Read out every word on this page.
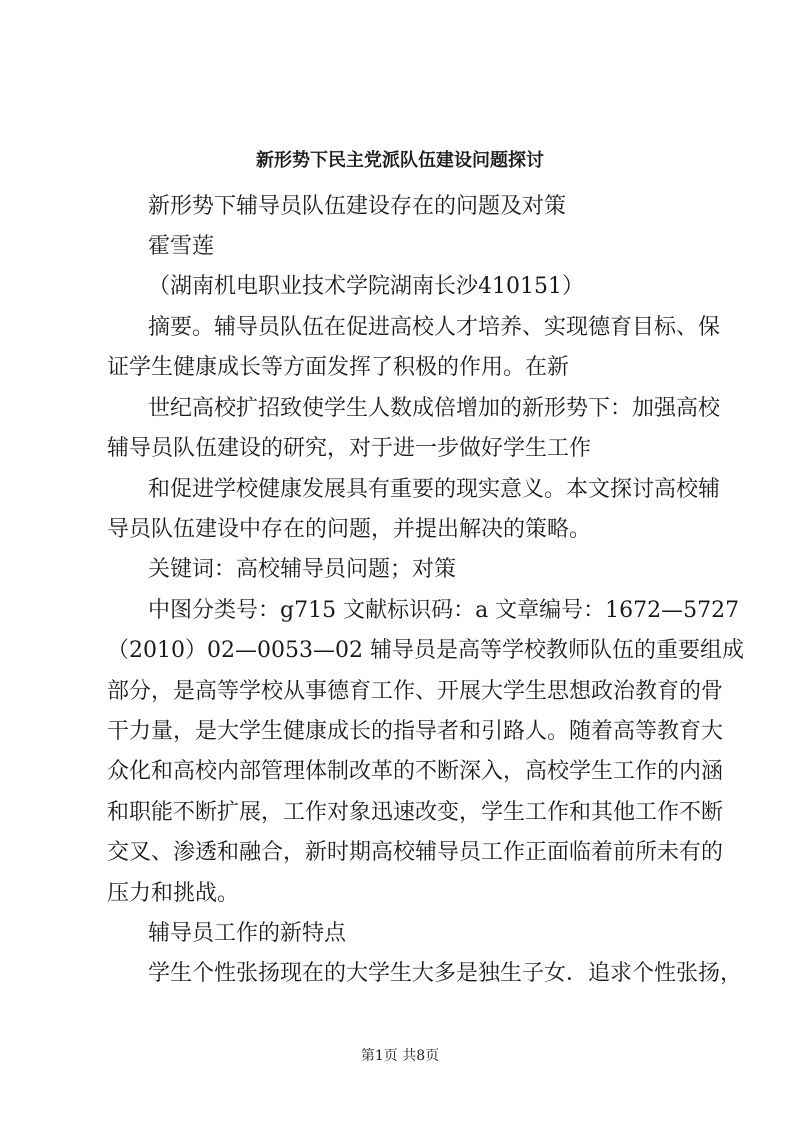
新形势下民主党派队伍建设问题探讨

新形势下辅导员队伍建设存在的问题及对策

霍雪莲

（湖南机电职业技术学院湖南长沙410151）

摘要。辅导员队伍在促进高校人才培养、实现德育目标、保

证学生健康成长等方面发挥了积极的作用。在新

世纪高校扩招致使学生人数成倍增加的新形势下：加强高校

辅导员队伍建设的研究，对于进一步做好学生工作

和促进学校健康发展具有重要的现实意义。本文探讨高校辅

导员队伍建设中存在的问题，并提出解决的策略。

关键词：高校辅导员问题；对策

中图分类号：g715 文献标识码：a 文章编号：1672—5727

（2010）02—0053—02 辅导员是高等学校教师队伍的重要组成

部分，是高等学校从事德育工作、开展大学生思想政治教育的骨

干力量，是大学生健康成长的指导者和引路人。随着高等教育大

众化和高校内部管理体制改革的不断深入，高校学生工作的内涵

和职能不断扩展，工作对象迅速改变，学生工作和其他工作不断

交叉、渗透和融合，新时期高校辅导员工作正面临着前所未有的

压力和挑战。

辅导员工作的新特点

学生个性张扬现在的大学生大多是独生子女．追求个性张扬，

第1页 共8页
